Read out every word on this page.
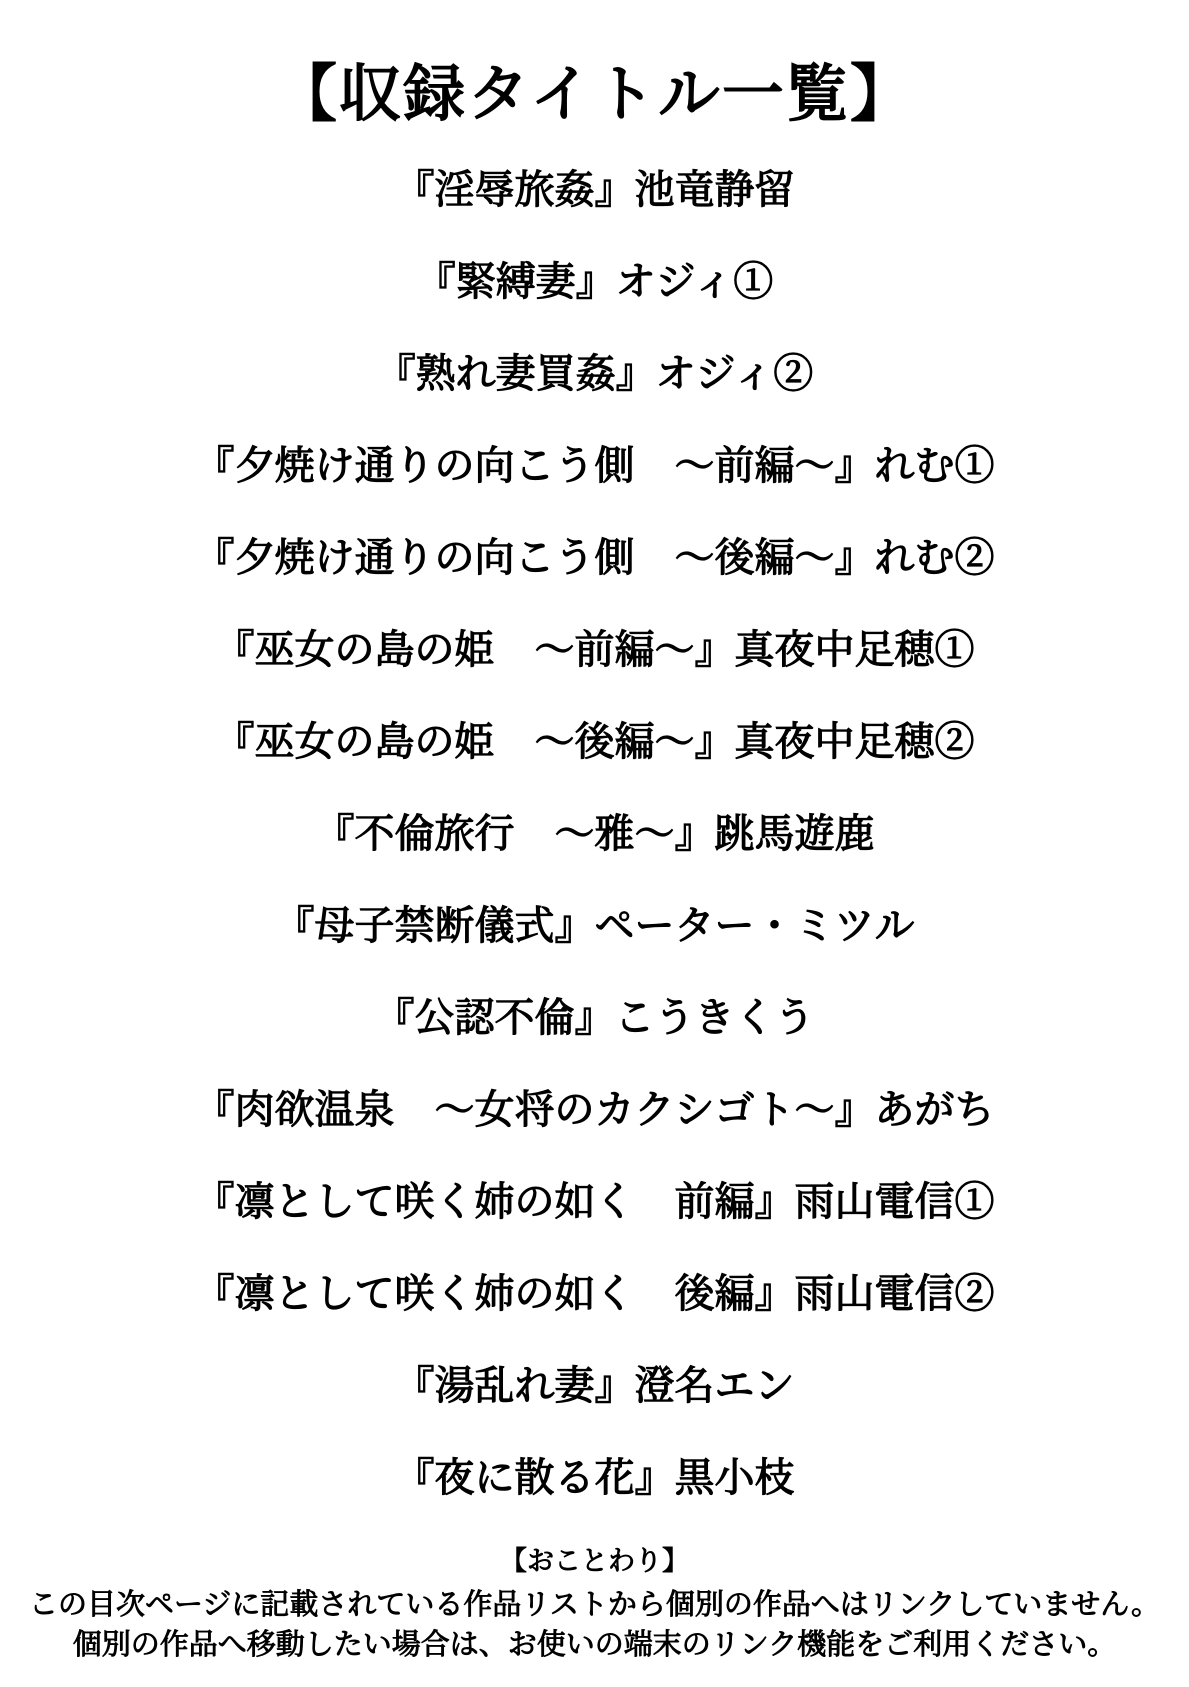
【収録タイトル一覧】
『淫辱旅姦』池竜静留
『緊縛妻』オジィ①
『熟れ妻買姦』オジィ②
『夕焼け通りの向こう側　〜前編〜』れむ①
『夕焼け通りの向こう側　〜後編〜』れむ②
『巫女の島の姫　〜前編〜』真夜中足穂①
『巫女の島の姫　〜後編〜』真夜中足穂②
『不倫旅行　〜雅〜』跳馬遊鹿
『母子禁断儀式』ペーター・ミツル
『公認不倫』こうきくう
『肉欲温泉　〜女将のカクシゴト〜』あがち
『凛として咲く姉の如く　前編』雨山電信①
『凛として咲く姉の如く　後編』雨山電信②
『湯乱れ妻』澄名エン
『夜に散る花』黒小枝
【おことわり】
この目次ページに記載されている作品リストから個別の作品へはリンクしていません。
個別の作品へ移動したい場合は、お使いの端末のリンク機能をご利用ください。
